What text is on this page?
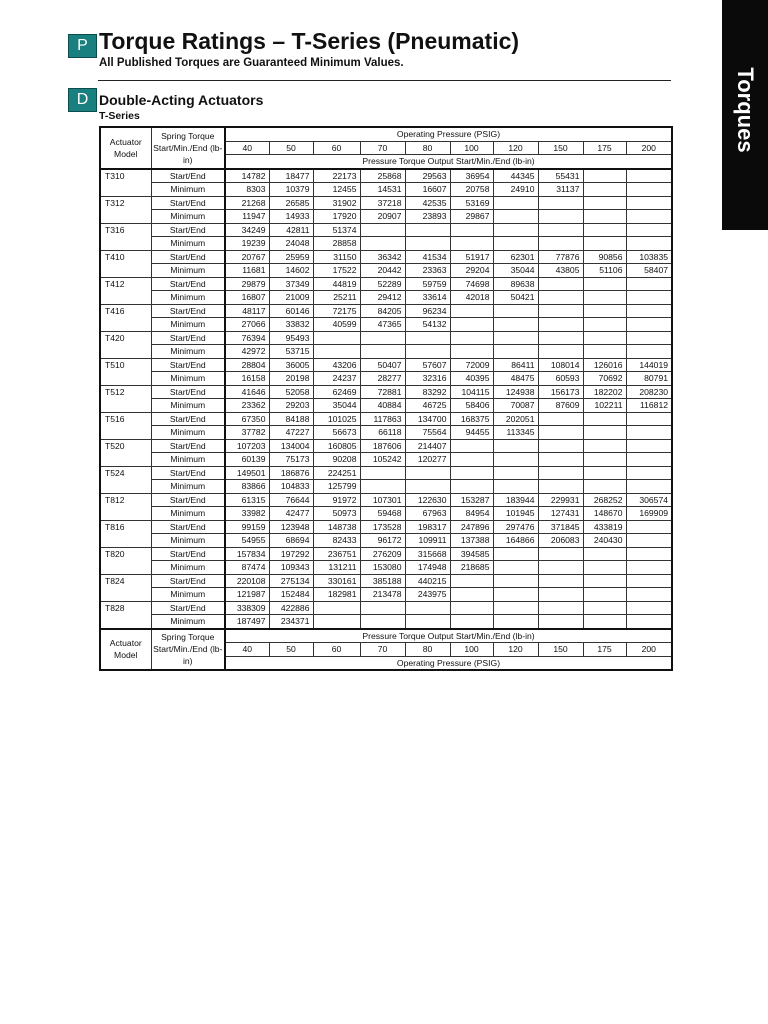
Torques
P Torque Ratings – T-Series (Pneumatic)
All Published Torques are Guaranteed Minimum Values.
D Double-Acting Actuators
T-Series
Actuator Model	Spring Torque Start/Min./End (lb-in)	Operating Pressure (PSIG)									
		40	50	60	70	80	100	120	150	175	200
		Pressure Torque Output Start/Min./End (lb-in)									
T310	Start/End	14782	18477	22173	25868	29563	36954	44345	55431		
	Minimum	8303	10379	12455	14531	16607	20758	24910	31137		
T312	Start/End	21268	26585	31902	37218	42535	53169				
	Minimum	11947	14933	17920	20907	23893	29867				
T316	Start/End	34249	42811	51374							
	Minimum	19239	24048	28858							
T410	Start/End	20767	25959	31150	36342	41534	51917	62301	77876	90856	103835
	Minimum	11681	14602	17522	20442	23363	29204	35044	43805	51106	58407
T412	Start/End	29879	37349	44819	52289	59759	74698	89638			
	Minimum	16807	21009	25211	29412	33614	42018	50421			
T416	Start/End	48117	60146	72175	84205	96234					
	Minimum	27066	33832	40599	47365	54132					
T420	Start/End	76394	95493								
	Minimum	42972	53715								
T510	Start/End	28804	36005	43206	50407	57607	72009	86411	108014	126016	144019
	Minimum	16158	20198	24237	28277	32316	40395	48475	60593	70692	80791
T512	Start/End	41646	52058	62469	72881	83292	104115	124938	156173	182202	208230
	Minimum	23362	29203	35044	40884	46725	58406	70087	87609	102211	116812
T516	Start/End	67350	84188	101025	117863	134700	168375	202051			
	Minimum	37782	47227	56673	66118	75564	94455	113345			
T520	Start/End	107203	134004	160805	187606	214407					
	Minimum	60139	75173	90208	105242	120277					
T524	Start/End	149501	186876	224251							
	Minimum	83866	104833	125799							
T812	Start/End	61315	76644	91972	107301	122630	153287	183944	229931	268252	306574
	Minimum	33982	42477	50973	59468	67963	84954	101945	127431	148670	169909
T816	Start/End	99159	123948	148738	173528	198317	247896	297476	371845	433819	
	Minimum	54955	68694	82433	96172	109911	137388	164866	206083	240430	
T820	Start/End	157834	197292	236751	276209	315668	394585				
	Minimum	87474	109343	131211	153080	174948	218685				
T824	Start/End	220108	275134	330161	385188	440215					
	Minimum	121987	152484	182981	213478	243975					
T828	Start/End	338309	422886								
	Minimum	187497	234371								
Actuator Model	Spring Torque Start/Min./End (lb-in)	Pressure Torque Output Start/Min./End (lb-in)									
		40	50	60	70	80	100	120	150	175	200
		Operating Pressure (PSIG)									
